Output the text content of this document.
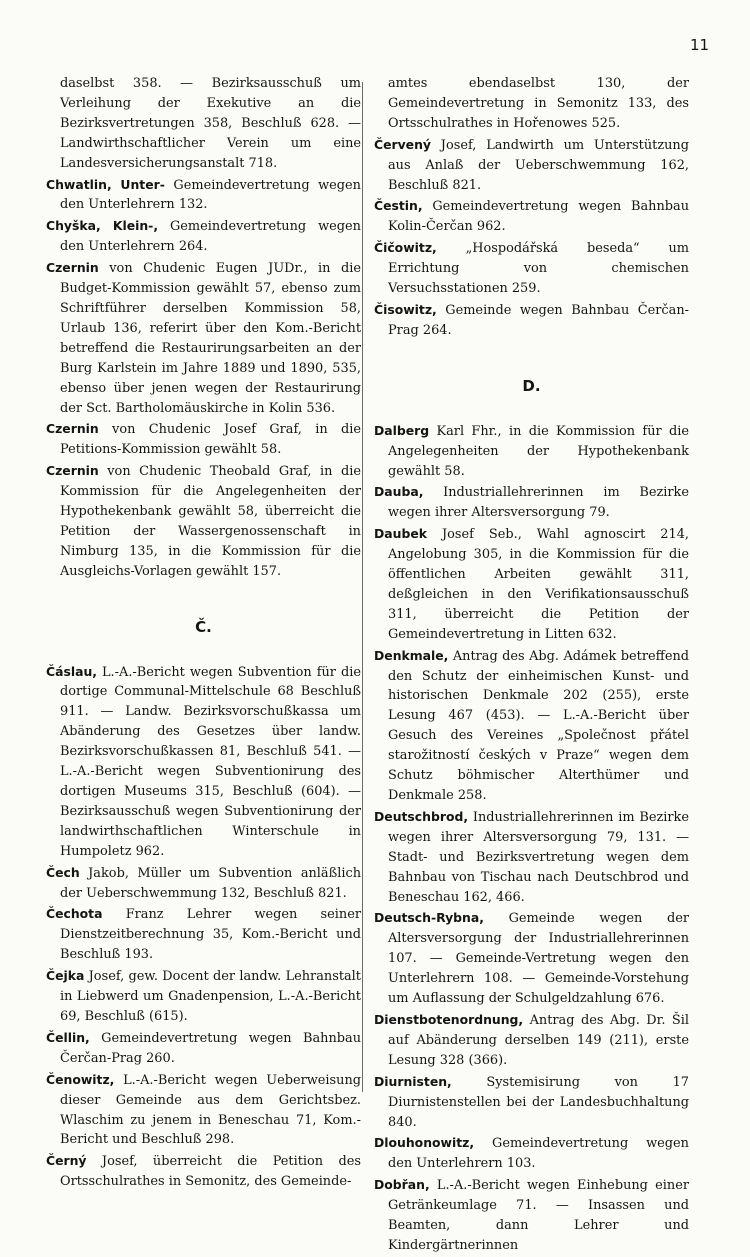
11
daselbst 358. — Bezirksausschuß um Verleihung der Exekutive an die Bezirksvertretungen 358, Beschluß 628. — Landwirthschaftlicher Verein um eine Landesversicherungsanstalt 718.
Chwatlin, Unter- Gemeindevertretung wegen den Unterlehrern 132.
Chyška, Klein-, Gemeindevertretung wegen den Unterlehrern 264.
Czernin von Chudenic Eugen JUDr., in die Budget-Kommission gewählt 57, ebenso zum Schriftführer derselben Kommission 58, Urlaub 136, referirt über den Kom.-Bericht betreffend die Restaurirungsarbeiten an der Burg Karlstein im Jahre 1889 und 1890, 535, ebenso über jenen wegen der Restaurirung der Sct. Bartholomäuskirche in Kolin 536.
Czernin von Chudenic Josef Graf, in die Petitions-Kommission gewählt 58.
Czernin von Chudenic Theobald Graf, in die Kommission für die Angelegenheiten der Hypothekenbank gewählt 58, überreicht die Petition der Wassergenossenschaft in Nimburg 135, in die Kommission für die Ausgleichs-Vorlagen gewählt 157.
Č.
Čáslau, L.-A.-Bericht wegen Subvention für die dortige Communal-Mittelschule 68 Beschluß 911. — Landw. Bezirksvorschußkassa um Abänderung des Gesetzes über landw. Bezirksvorschußkassen 81, Beschluß 541. — L.-A.-Bericht wegen Subventionirung des dortigen Museums 315, Beschluß (604). — Bezirksausschuß wegen Subventionirung der landwirthschaftlichen Winterschule in Humpoletz 962.
Čech Jakob, Müller um Subvention anläßlich der Ueberschwemmung 132, Beschluß 821.
Čechota Franz Lehrer wegen seiner Dienstzeitberechnung 35, Kom.-Bericht und Beschluß 193.
Čejka Josef, gew. Docent der landw. Lehranstalt in Liebwerd um Gnadenpension, L.-A.-Bericht 69, Beschluß (615).
Čellin, Gemeindevertretung wegen Bahnbau Čerčan-Prag 260.
Čenowitz, L.-A.-Bericht wegen Ueberweisung dieser Gemeinde aus dem Gerichtsbez. Wlaschim zu jenem in Beneschau 71, Kom.-Bericht und Beschluß 298.
Černý Josef, überreicht die Petition des Ortsschulrathes in Semonitz, des Gemeinde-
amtes ebendaselbst 130, der Gemeindevertretung in Semonitz 133, des Ortsschulrathes in Hořenowes 525.
Červený Josef, Landwirth um Unterstützung aus Anlaß der Ueberschwemmung 162, Beschluß 821.
Čestin, Gemeindevertretung wegen Bahnbau Kolin-Čerčan 962.
Čičowitz, „Hospodářská beseda“ um Errichtung von chemischen Versuchsstationen 259.
Čisowitz, Gemeinde wegen Bahnbau Čerčan-Prag 264.
D.
Dalberg Karl Fhr., in die Kommission für die Angelegenheiten der Hypothekenbank gewählt 58.
Dauba, Industriallehrerinnen im Bezirke wegen ihrer Altersversorgung 79.
Daubek Josef Seb., Wahl agnoscirt 214, Angelobung 305, in die Kommission für die öffentlichen Arbeiten gewählt 311, deßgleichen in den Verifikationsausschuß 311, überreicht die Petition der Gemeindevertretung in Litten 632.
Denkmale, Antrag des Abg. Adámek betreffend den Schutz der einheimischen Kunst- und historischen Denkmale 202 (255), erste Lesung 467 (453). — L.-A.-Bericht über Gesuch des Vereines „Společnost přátel starožitností českých v Praze“ wegen dem Schutz böhmischer Alterthümer und Denkmale 258.
Deutschbrod, Industriallehrerinnen im Bezirke wegen ihrer Altersversorgung 79, 131. — Stadt- und Bezirksvertretung wegen dem Bahnbau von Tischau nach Deutschbrod und Beneschau 162, 466.
Deutsch-Rybna, Gemeinde wegen der Altersversorgung der Industriallehrerinnen 107. — Gemeinde-Vertretung wegen den Unterlehrern 108. — Gemeinde-Vorstehung um Auflassung der Schulgeldzahlung 676.
Dienstbotenordnung, Antrag des Abg. Dr. Šil auf Abänderung derselben 149 (211), erste Lesung 328 (366).
Diurnisten, Systemisirung von 17 Diurnistenstellen bei der Landesbuchhaltung 840.
Dlouhonowitz, Gemeindevertretung wegen den Unterlehrern 103.
Dobřan, L.-A.-Bericht wegen Einhebung einer Getränkeumlage 71. — Insassen und Beamten, dann Lehrer und Kindergärtnerinnen
